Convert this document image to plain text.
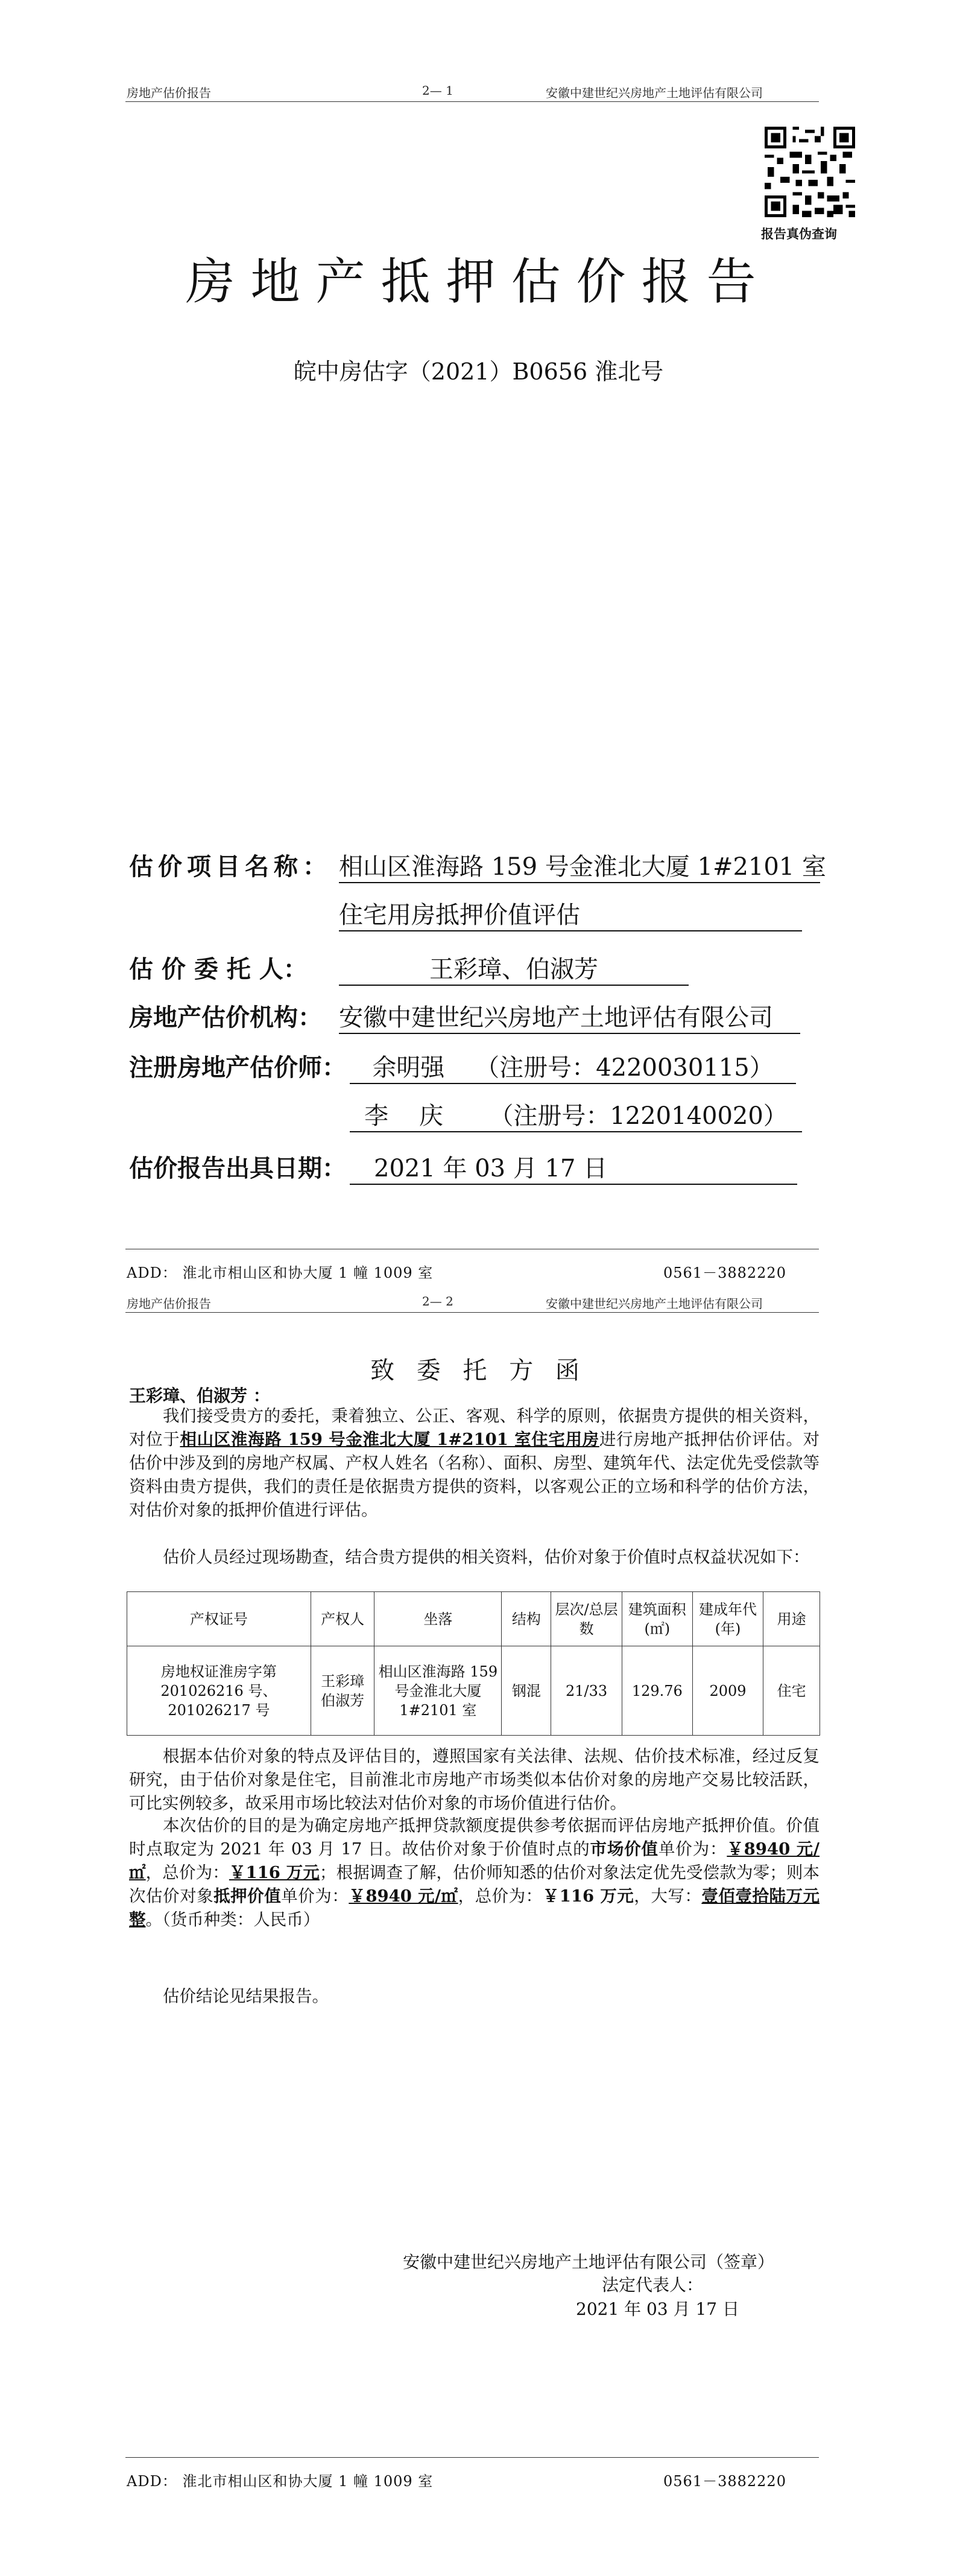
房地产估价报告	2— 1	安徽中建世纪兴房地产土地评估有限公司
报告真伪查询
房地产抵押估价报告
皖中房估字（2021）B0656 淮北号
估价项目名称： 相山区淮海路 159 号金淮北大厦 1#2101 室
住宅用房抵押价值评估
估 价 委 托 人：	王彩璋、伯淑芳
房地产估价机构： 安徽中建世纪兴房地产土地评估有限公司
注册房地产估价师：	余明强    （注册号：4220030115）
李    庆      （注册号：1220140020）
估价报告出具日期：	2021 年 03 月 17 日
ADD： 淮北市相山区和协大厦 1 幢 1009 室	0561－3882220
房地产估价报告	2— 2	安徽中建世纪兴房地产土地评估有限公司
致 委 托 方 函
王彩璋、伯淑芳 ：
我们接受贵方的委托，秉着独立、公正、客观、科学的原则，依据贵方提供的相关资料，对位于相山区淮海路 159 号金淮北大厦 1#2101 室住宅用房进行房地产抵押估价评估。对估价中涉及到的房地产权属、产权人姓名（名称）、面积、房型、建筑年代、法定优先受偿款等资料由贵方提供，我们的责任是依据贵方提供的资料，以客观公正的立场和科学的估价方法，对估价对象的抵押价值进行评估。
估价人员经过现场勘查，结合贵方提供的相关资料，估价对象于价值时点权益状况如下：
产权证号	产权人	坐落	结构	层次/总层数	建筑面积(㎡)	建成年代(年)	用途
房地权证淮房字第 201026216 号、201026217 号	王彩璋 伯淑芳	相山区淮海路 159 号金淮北大厦 1#2101 室	钢混	21/33	129.76	2009	住宅
根据本估价对象的特点及评估目的，遵照国家有关法律、法规、估价技术标准，经过反复研究，由于估价对象是住宅，目前淮北市房地产市场类似本估价对象的房地产交易比较活跃，可比实例较多，故采用市场比较法对估价对象的市场价值进行估价。
本次估价的目的是为确定房地产抵押贷款额度提供参考依据而评估房地产抵押价值。价值时点取定为 2021 年 03 月 17 日。故估价对象于价值时点的市场价值单价为：￥8940 元/㎡，总价为：￥116 万元；根据调查了解，估价师知悉的估价对象法定优先受偿款为零；则本次估价对象抵押价值单价为：￥8940 元/㎡，总价为：￥116 万元，大写：壹佰壹拾陆万元整。（货币种类：人民币）
估价结论见结果报告。
安徽中建世纪兴房地产土地评估有限公司（签章）
法定代表人：
2021 年 03 月 17 日
ADD： 淮北市相山区和协大厦 1 幢 1009 室	0561－3882220
